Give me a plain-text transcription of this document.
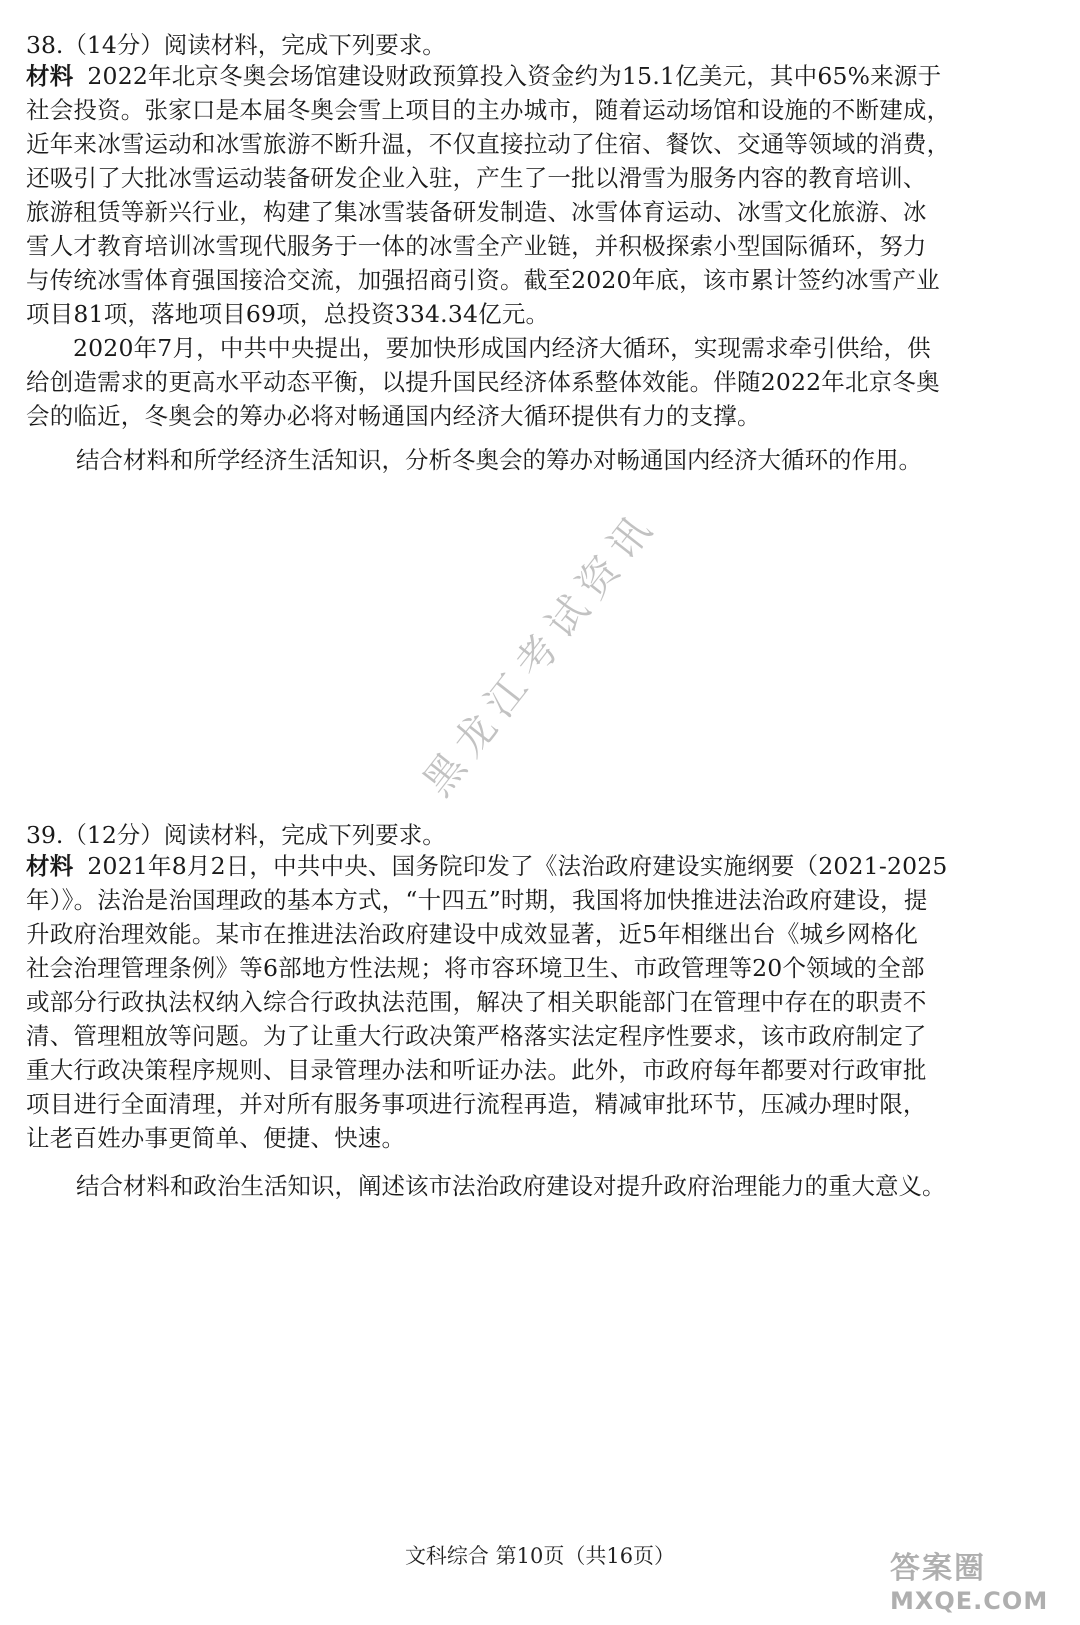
38.（14分）阅读材料，完成下列要求。
材料 2022年北京冬奥会场馆建设财政预算投入资金约为15.1亿美元，其中65%来源于
社会投资。张家口是本届冬奥会雪上项目的主办城市，随着运动场馆和设施的不断建成，
近年来冰雪运动和冰雪旅游不断升温，不仅直接拉动了住宿、餐饮、交通等领域的消费，
还吸引了大批冰雪运动装备研发企业入驻，产生了一批以滑雪为服务内容的教育培训、
旅游租赁等新兴行业，构建了集冰雪装备研发制造、冰雪体育运动、冰雪文化旅游、冰
雪人才教育培训冰雪现代服务于一体的冰雪全产业链，并积极探索小型国际循环，努力
与传统冰雪体育强国接洽交流，加强招商引资。截至2020年底，该市累计签约冰雪产业
项目81项，落地项目69项，总投资334.34亿元。
2020年7月，中共中央提出，要加快形成国内经济大循环，实现需求牵引供给，供
给创造需求的更高水平动态平衡，以提升国民经济体系整体效能。伴随2022年北京冬奥
会的临近，冬奥会的筹办必将对畅通国内经济大循环提供有力的支撑。
结合材料和所学经济生活知识，分析冬奥会的筹办对畅通国内经济大循环的作用。
黑龙江考试资讯
39.（12分）阅读材料，完成下列要求。
材料 2021年8月2日，中共中央、国务院印发了《法治政府建设实施纲要（2021-2025
年）》。法治是治国理政的基本方式，“十四五”时期，我国将加快推进法治政府建设，提
升政府治理效能。某市在推进法治政府建设中成效显著，近5年相继出台《城乡网格化
社会治理管理条例》等6部地方性法规；将市容环境卫生、市政管理等20个领域的全部
或部分行政执法权纳入综合行政执法范围，解决了相关职能部门在管理中存在的职责不
清、管理粗放等问题。为了让重大行政决策严格落实法定程序性要求，该市政府制定了
重大行政决策程序规则、目录管理办法和听证办法。此外，市政府每年都要对行政审批
项目进行全面清理，并对所有服务事项进行流程再造，精减审批环节，压减办理时限，
让老百姓办事更简单、便捷、快速。
结合材料和政治生活知识，阐述该市法治政府建设对提升政府治理能力的重大意义。
文科综合 第10页（共16页）	答案圈
MXQE.COM
